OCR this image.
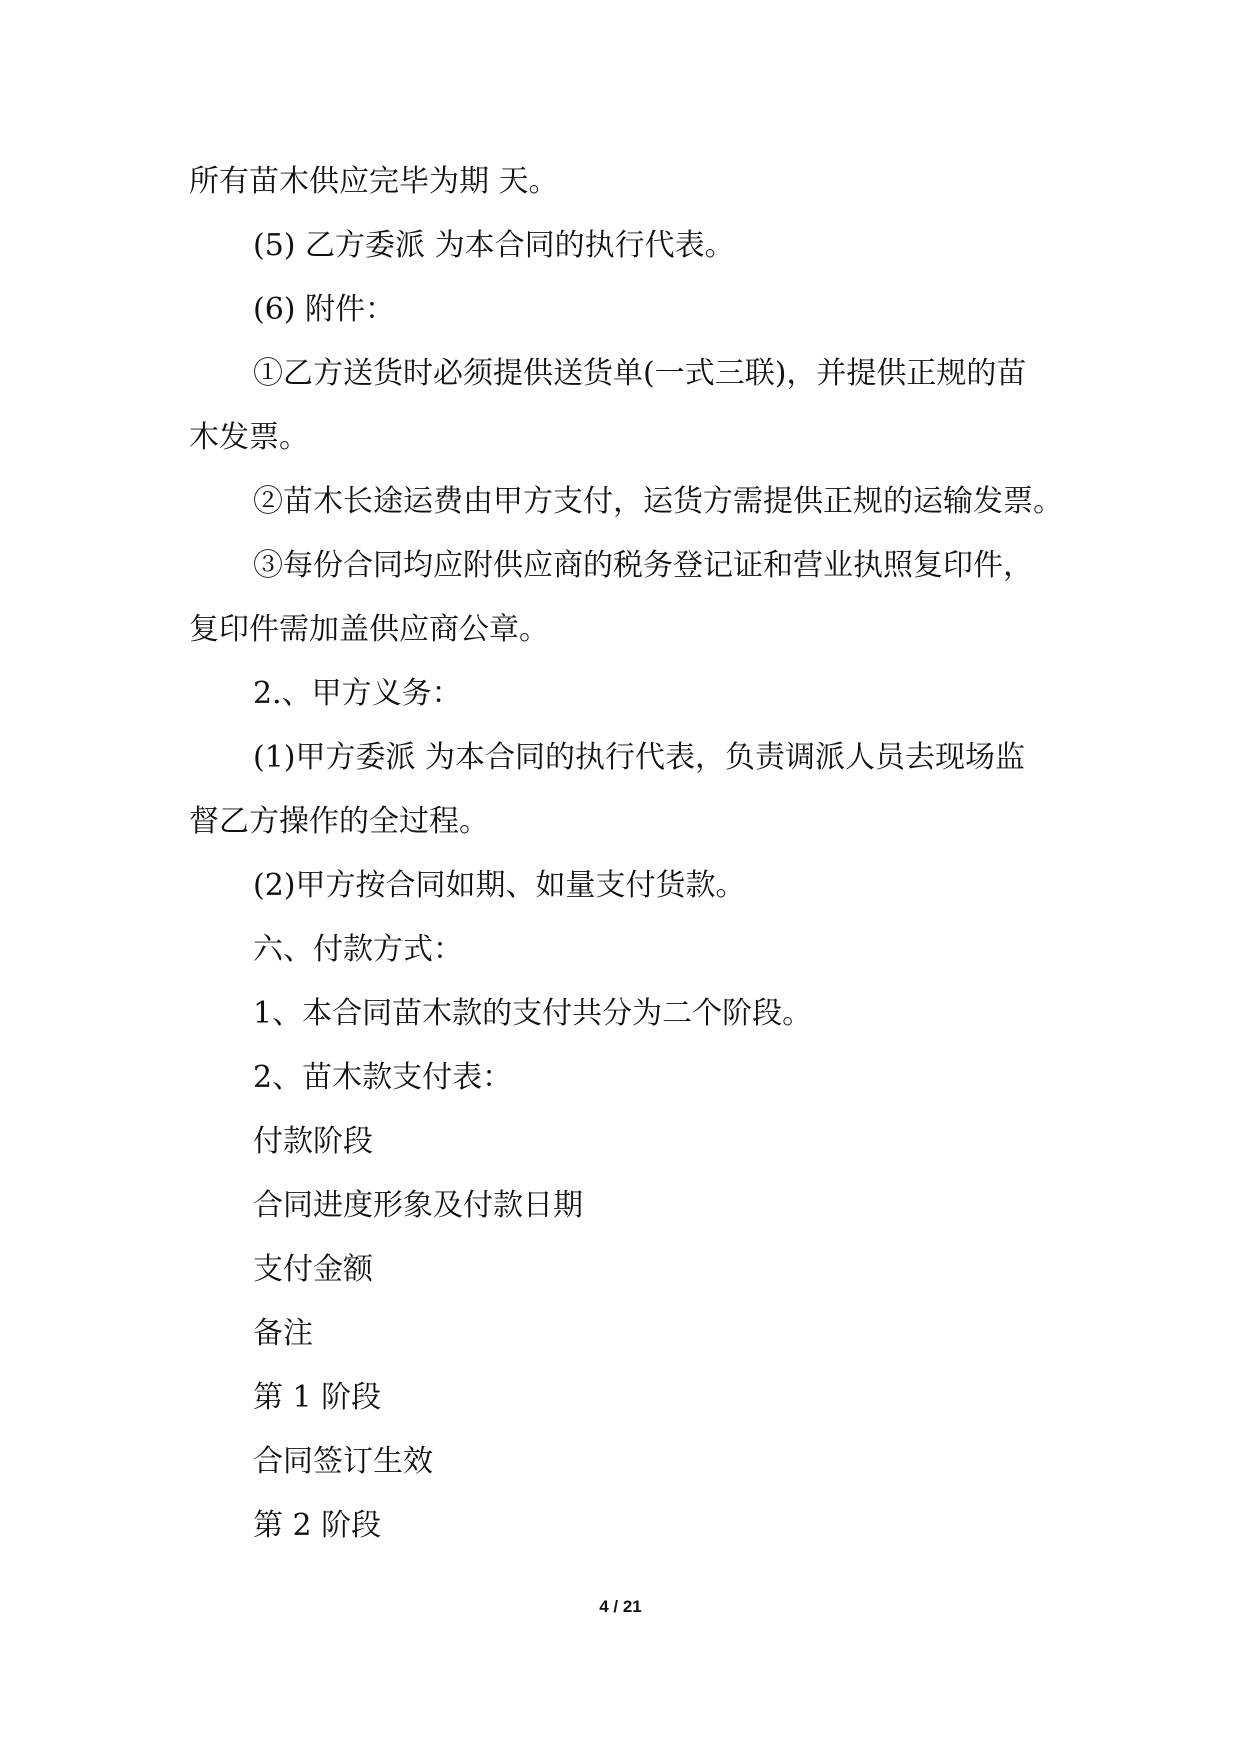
所有苗木供应完毕为期 天。
(5) 乙方委派 为本合同的执行代表。
(6) 附件：
①乙方送货时必须提供送货单(一式三联)，并提供正规的苗
木发票。
②苗木长途运费由甲方支付，运货方需提供正规的运输发票。
③每份合同均应附供应商的税务登记证和营业执照复印件，
复印件需加盖供应商公章。
2.、甲方义务：
(1)甲方委派 为本合同的执行代表，负责调派人员去现场监
督乙方操作的全过程。
(2)甲方按合同如期、如量支付货款。
六、付款方式：
1、本合同苗木款的支付共分为二个阶段。
2、苗木款支付表：
付款阶段
合同进度形象及付款日期
支付金额
备注
第 1 阶段
合同签订生效
第 2 阶段
4 / 21
